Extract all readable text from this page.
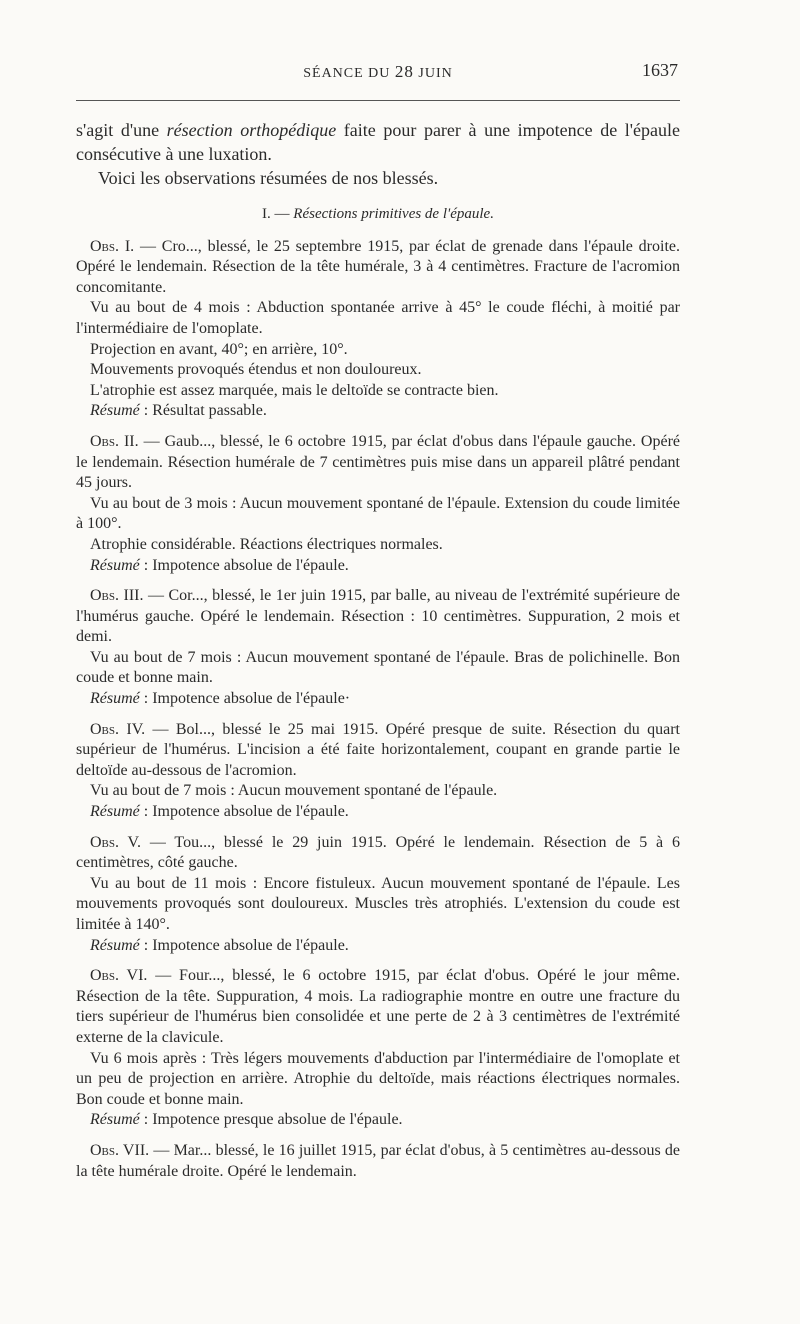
SÉANCE DU 28 JUIN	1637

s'agit d'une résection orthopédique faite pour parer à une impotence de l'épaule consécutive à une luxation.

Voici les observations résumées de nos blessés.

I. — Résections primitives de l'épaule.

Obs. I. — Cro..., blessé, le 25 septembre 1915, par éclat de grenade dans l'épaule droite. Opéré le lendemain. Résection de la tête humérale, 3 à 4 centimètres. Fracture de l'acromion concomitante.

Vu au bout de 4 mois : Abduction spontanée arrive à 45° le coude fléchi, à moitié par l'intermédiaire de l'omoplate.

Projection en avant, 40°; en arrière, 10°.

Mouvements provoqués étendus et non douloureux.

L'atrophie est assez marquée, mais le deltoïde se contracte bien.

Résumé : Résultat passable.

Obs. II. — Gaub..., blessé, le 6 octobre 1915, par éclat d'obus dans l'épaule gauche. Opéré le lendemain. Résection humérale de 7 centimètres puis mise dans un appareil plâtré pendant 45 jours.

Vu au bout de 3 mois : Aucun mouvement spontané de l'épaule. Extension du coude limitée à 100°.

Atrophie considérable. Réactions électriques normales.

Résumé : Impotence absolue de l'épaule.

Obs. III. — Cor..., blessé, le 1er juin 1915, par balle, au niveau de l'extrémité supérieure de l'humérus gauche. Opéré le lendemain. Résection : 10 centimètres. Suppuration, 2 mois et demi.

Vu au bout de 7 mois : Aucun mouvement spontané de l'épaule. Bras de polichinelle. Bon coude et bonne main.

Résumé : Impotence absolue de l'épaule·

Obs. IV. — Bol..., blessé le 25 mai 1915. Opéré presque de suite. Résection du quart supérieur de l'humérus. L'incision a été faite horizontalement, coupant en grande partie le deltoïde au-dessous de l'acromion.

Vu au bout de 7 mois : Aucun mouvement spontané de l'épaule.

Résumé : Impotence absolue de l'épaule.

Obs. V. — Tou..., blessé le 29 juin 1915. Opéré le lendemain. Résection de 5 à 6 centimètres, côté gauche.

Vu au bout de 11 mois : Encore fistuleux. Aucun mouvement spontané de l'épaule. Les mouvements provoqués sont douloureux. Muscles très atrophiés. L'extension du coude est limitée à 140°.

Résumé : Impotence absolue de l'épaule.

Obs. VI. — Four..., blessé, le 6 octobre 1915, par éclat d'obus. Opéré le jour même. Résection de la tête. Suppuration, 4 mois. La radiographie montre en outre une fracture du tiers supérieur de l'humérus bien consolidée et une perte de 2 à 3 centimètres de l'extrémité externe de la clavicule.

Vu 6 mois après : Très légers mouvements d'abduction par l'intermédiaire de l'omoplate et un peu de projection en arrière. Atrophie du deltoïde, mais réactions électriques normales. Bon coude et bonne main.

Résumé : Impotence presque absolue de l'épaule.

Obs. VII. — Mar... blessé, le 16 juillet 1915, par éclat d'obus, à 5 centimètres au-dessous de la tête humérale droite. Opéré le lendemain.
